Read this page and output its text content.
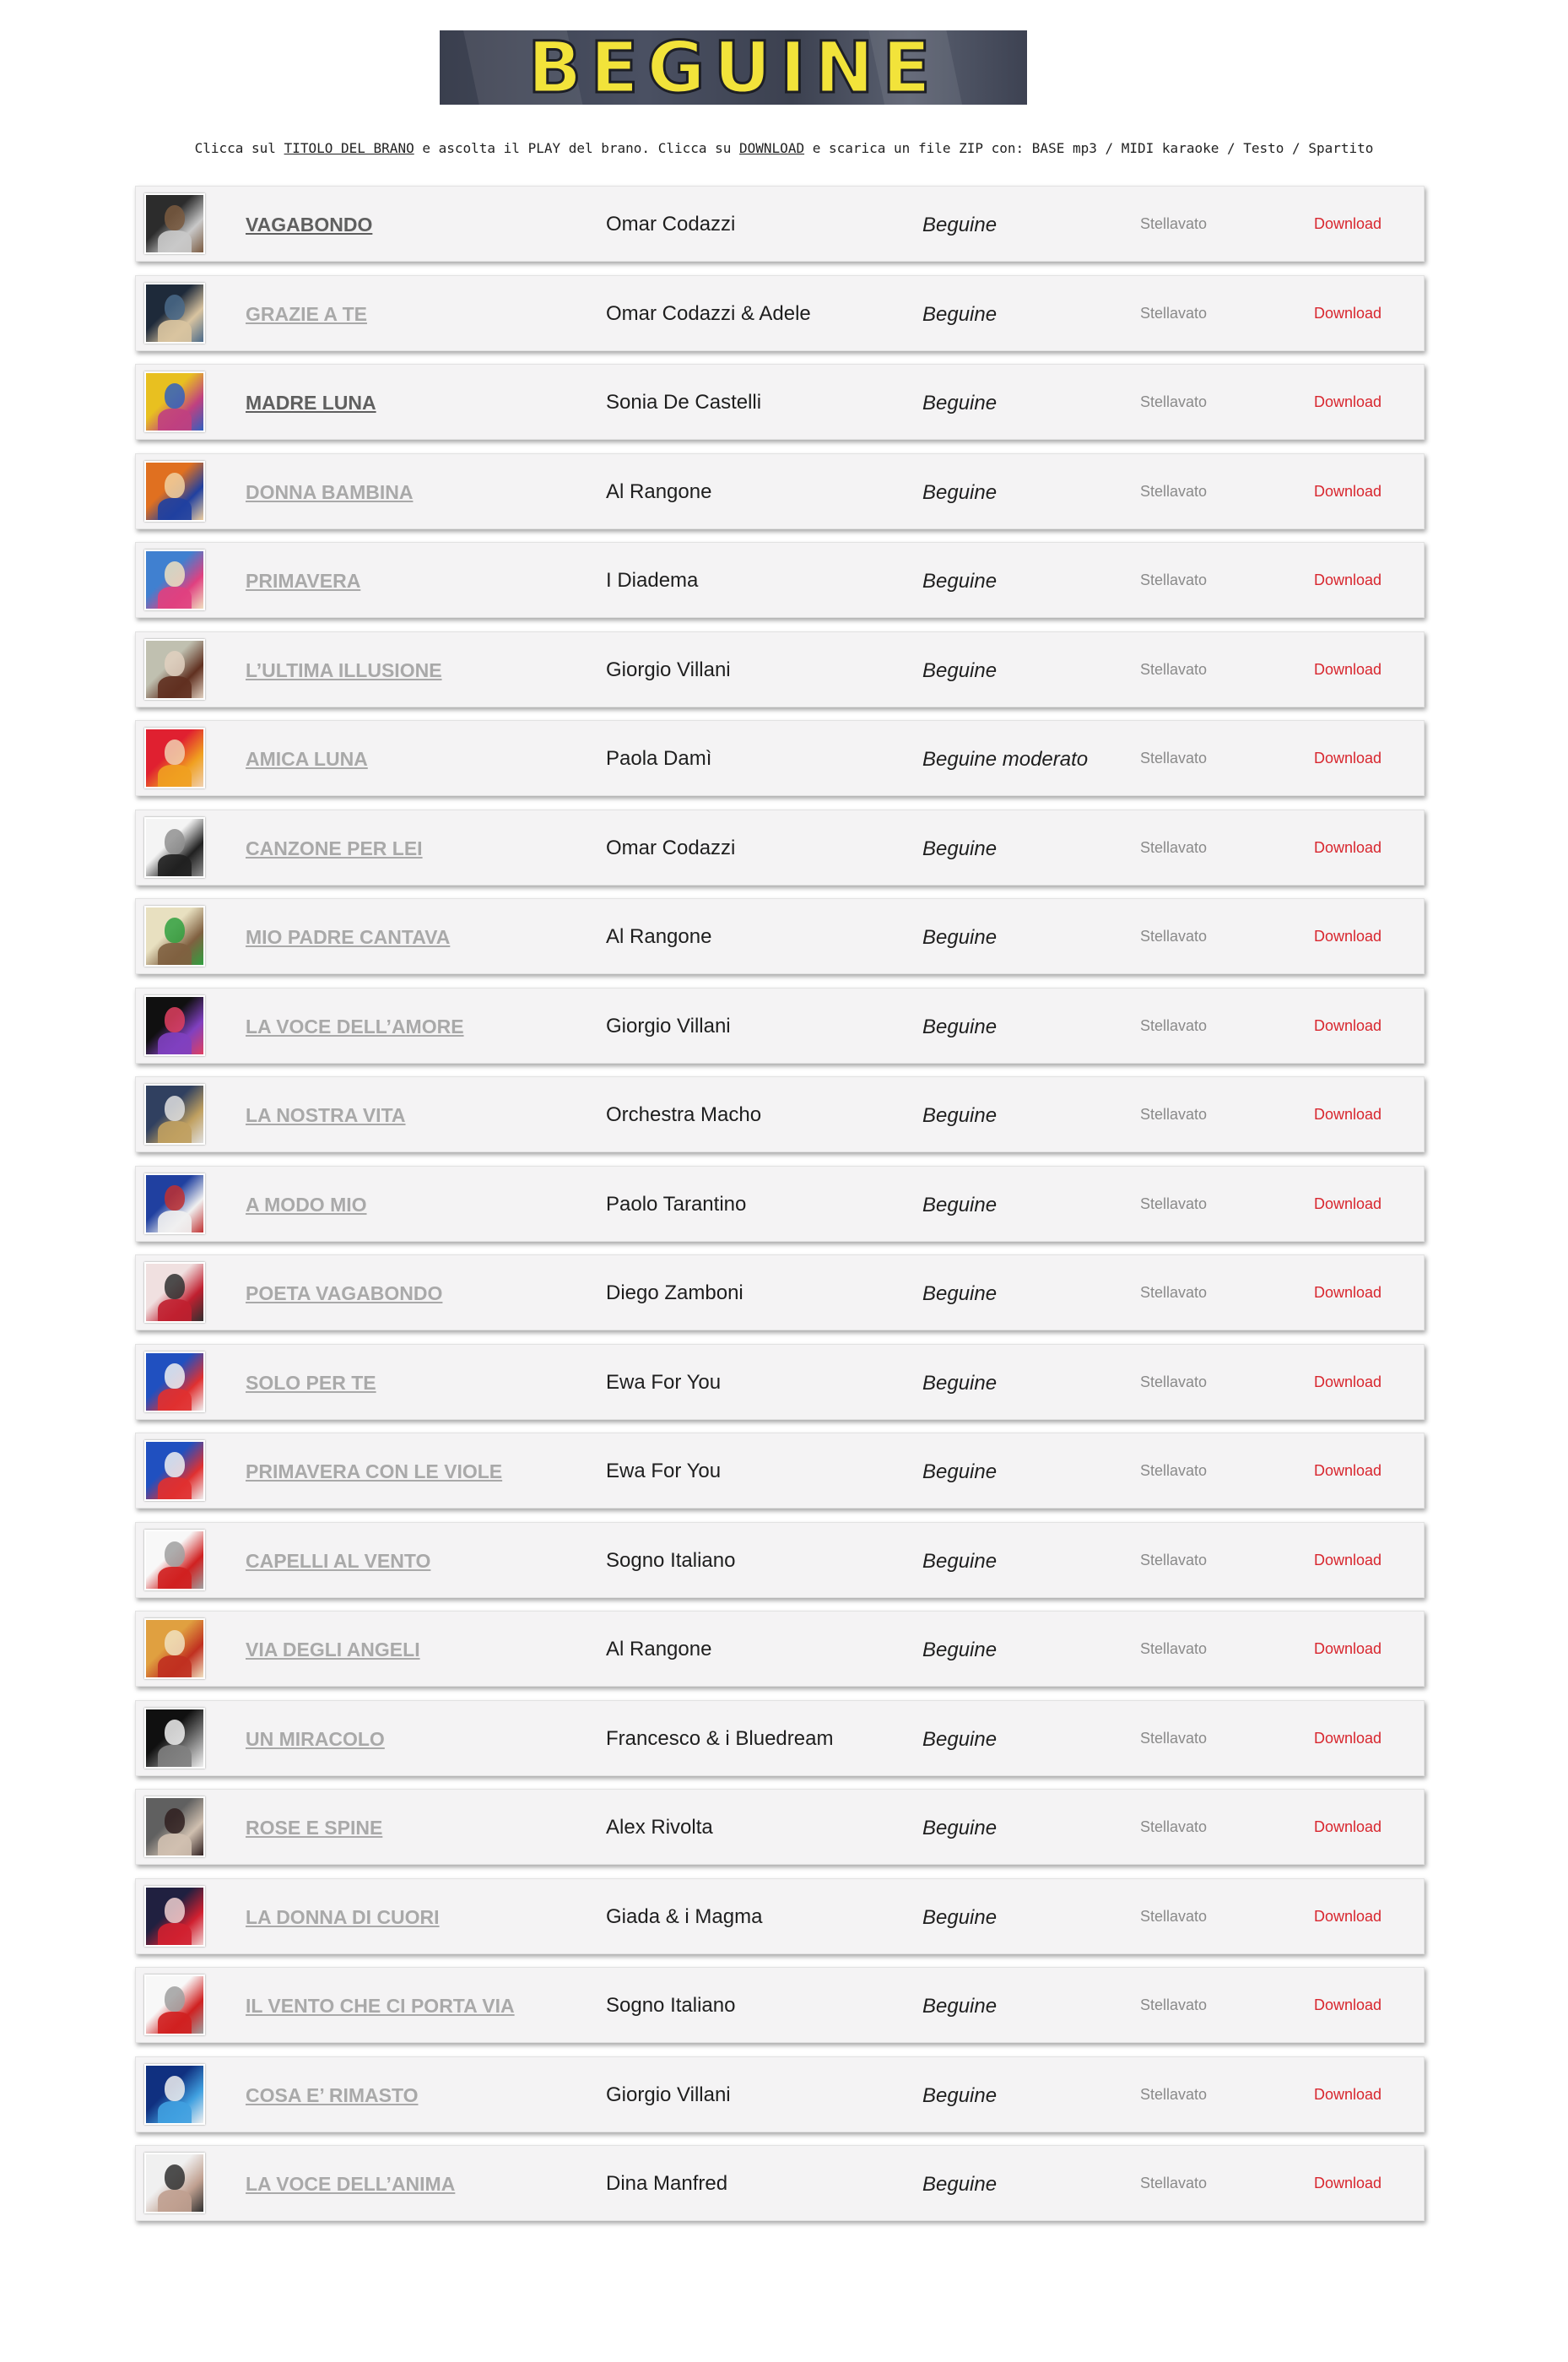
BEGUINE
Clicca sul TITOLO DEL BRANO e ascolta il PLAY del brano. Clicca su DOWNLOAD e scarica un file ZIP con: BASE mp3 / MIDI karaoke / Testo / Spartito
VAGABONDO	Omar Codazzi	Beguine	Stellavato	Download
GRAZIE A TE	Omar Codazzi & Adele	Beguine	Stellavato	Download
MADRE LUNA	Sonia De Castelli	Beguine	Stellavato	Download
DONNA BAMBINA	Al Rangone	Beguine	Stellavato	Download
PRIMAVERA	I Diadema	Beguine	Stellavato	Download
L’ULTIMA ILLUSIONE	Giorgio Villani	Beguine	Stellavato	Download
AMICA LUNA	Paola Damì	Beguine moderato	Stellavato	Download
CANZONE PER LEI	Omar Codazzi	Beguine	Stellavato	Download
MIO PADRE CANTAVA	Al Rangone	Beguine	Stellavato	Download
LA VOCE DELL’AMORE	Giorgio Villani	Beguine	Stellavato	Download
LA NOSTRA VITA	Orchestra Macho	Beguine	Stellavato	Download
A MODO MIO	Paolo Tarantino	Beguine	Stellavato	Download
POETA VAGABONDO	Diego Zamboni	Beguine	Stellavato	Download
SOLO PER TE	Ewa For You	Beguine	Stellavato	Download
PRIMAVERA CON LE VIOLE	Ewa For You	Beguine	Stellavato	Download
CAPELLI AL VENTO	Sogno Italiano	Beguine	Stellavato	Download
VIA DEGLI ANGELI	Al Rangone	Beguine	Stellavato	Download
UN MIRACOLO	Francesco & i Bluedream	Beguine	Stellavato	Download
ROSE E SPINE	Alex Rivolta	Beguine	Stellavato	Download
LA DONNA DI CUORI	Giada & i Magma	Beguine	Stellavato	Download
IL VENTO CHE CI PORTA VIA	Sogno Italiano	Beguine	Stellavato	Download
COSA E’ RIMASTO	Giorgio Villani	Beguine	Stellavato	Download
LA VOCE DELL’ANIMA	Dina Manfred	Beguine	Stellavato	Download
